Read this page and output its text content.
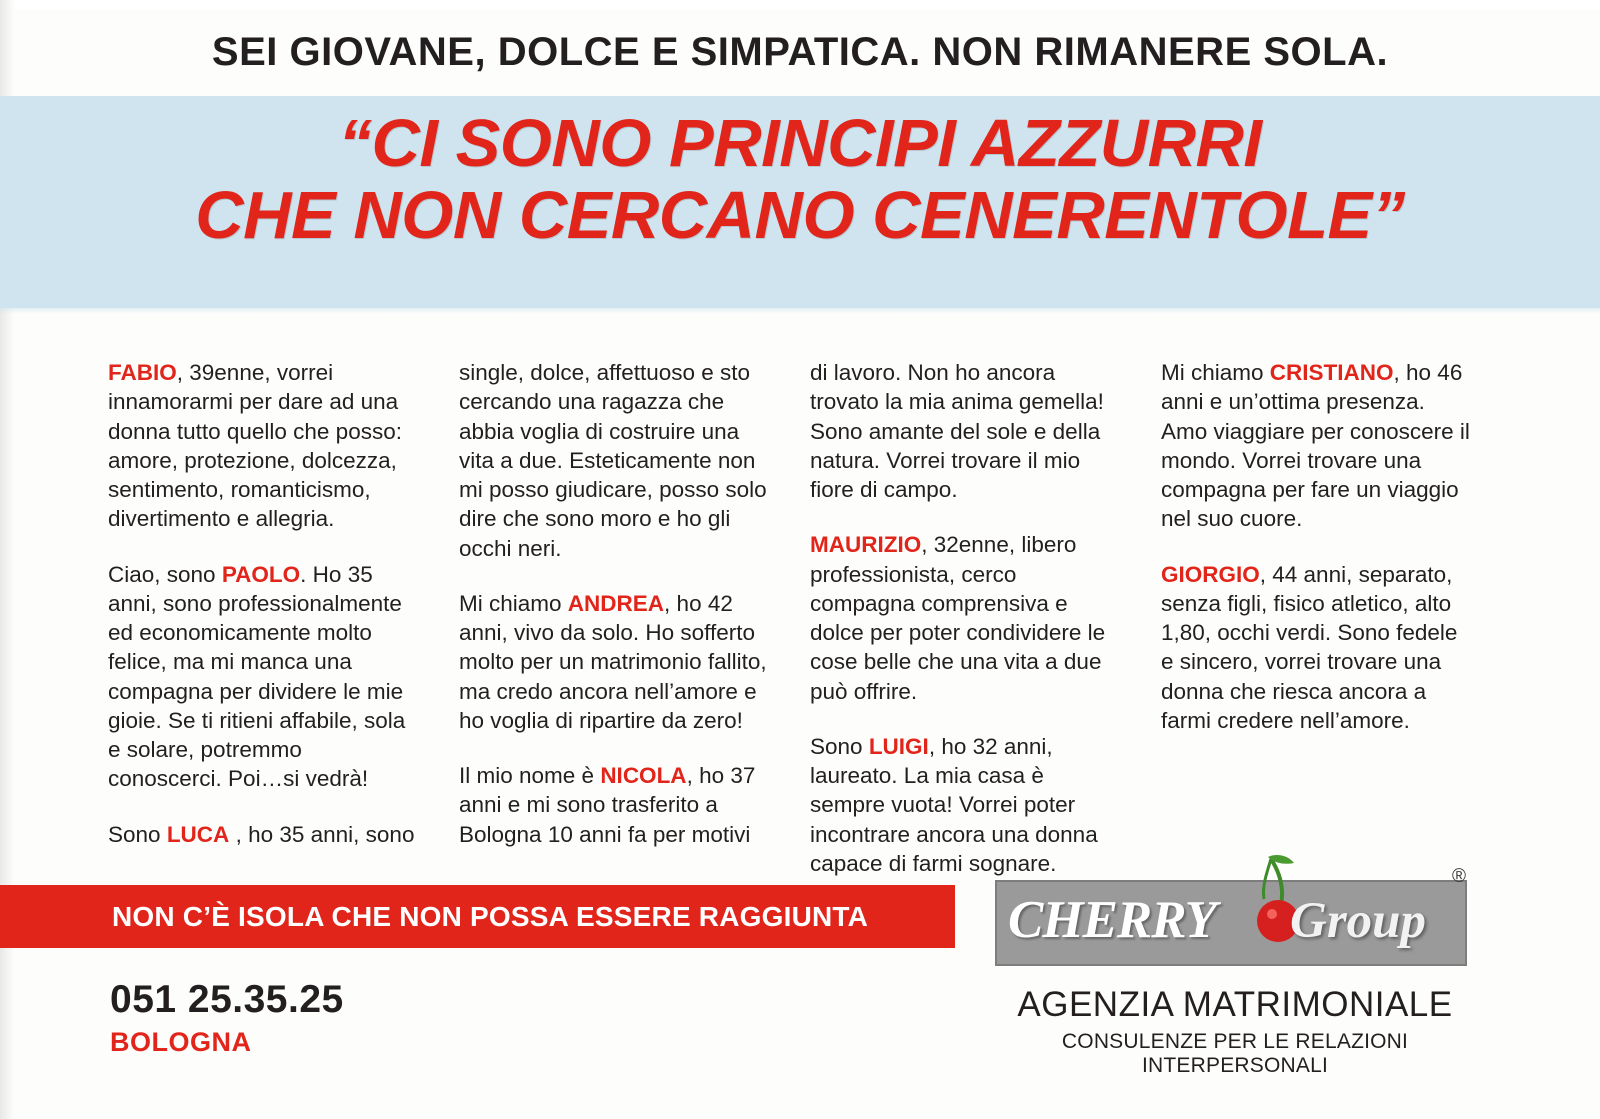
SEI GIOVANE, DOLCE E SIMPATICA. NON RIMANERE SOLA.
“CI SONO PRINCIPI AZZURRI
CHE NON CERCANO CENERENTOLE”

FABIO, 39enne, vorrei innamorarmi per dare ad una donna tutto quello che posso: amore, protezione, dolcezza, sentimento, romanticismo, divertimento e allegria.

Ciao, sono PAOLO. Ho 35 anni, sono professionalmente ed economicamente molto felice, ma mi manca una compagna per dividere le mie gioie. Se ti ritieni affabile, sola e solare, potremmo conoscerci. Poi…si vedrà!

Sono LUCA , ho 35 anni, sono

single, dolce, affettuoso e sto cercando una ragazza che abbia voglia di costruire una vita a due. Esteticamente non mi posso giudicare, posso solo dire che sono moro e ho gli occhi neri.

Mi chiamo ANDREA, ho 42 anni, vivo da solo. Ho sofferto molto per un matrimonio fallito, ma credo ancora nell’amore e ho voglia di ripartire da zero!

Il mio nome è NICOLA, ho 37 anni e mi sono trasferito a Bologna 10 anni fa per motivi

di lavoro. Non ho ancora trovato la mia anima gemella! Sono amante del sole e della natura. Vorrei trovare il mio fiore di campo.

MAURIZIO, 32enne, libero professionista, cerco compagna comprensiva e dolce per poter condividere le cose belle che una vita a due può offrire.

Sono LUIGI, ho 32 anni, laureato. La mia casa è sempre vuota! Vorrei poter incontrare ancora una donna capace di farmi sognare.

Mi chiamo CRISTIANO, ho 46 anni e un’ottima presenza. Amo viaggiare per conoscere il mondo. Vorrei trovare una compagna per fare un viaggio nel suo cuore.

GIORGIO, 44 anni, separato, senza figli, fisico atletico, alto 1,80, occhi verdi. Sono fedele e sincero, vorrei trovare una donna che riesca ancora a farmi credere nell’amore.

NON C’È ISOLA CHE NON POSSA ESSERE RAGGIUNTA
051 25.35.25
BOLOGNA
CHERRY	Group
®
AGENZIA MATRIMONIALE
CONSULENZE PER LE RELAZIONI INTERPERSONALI
